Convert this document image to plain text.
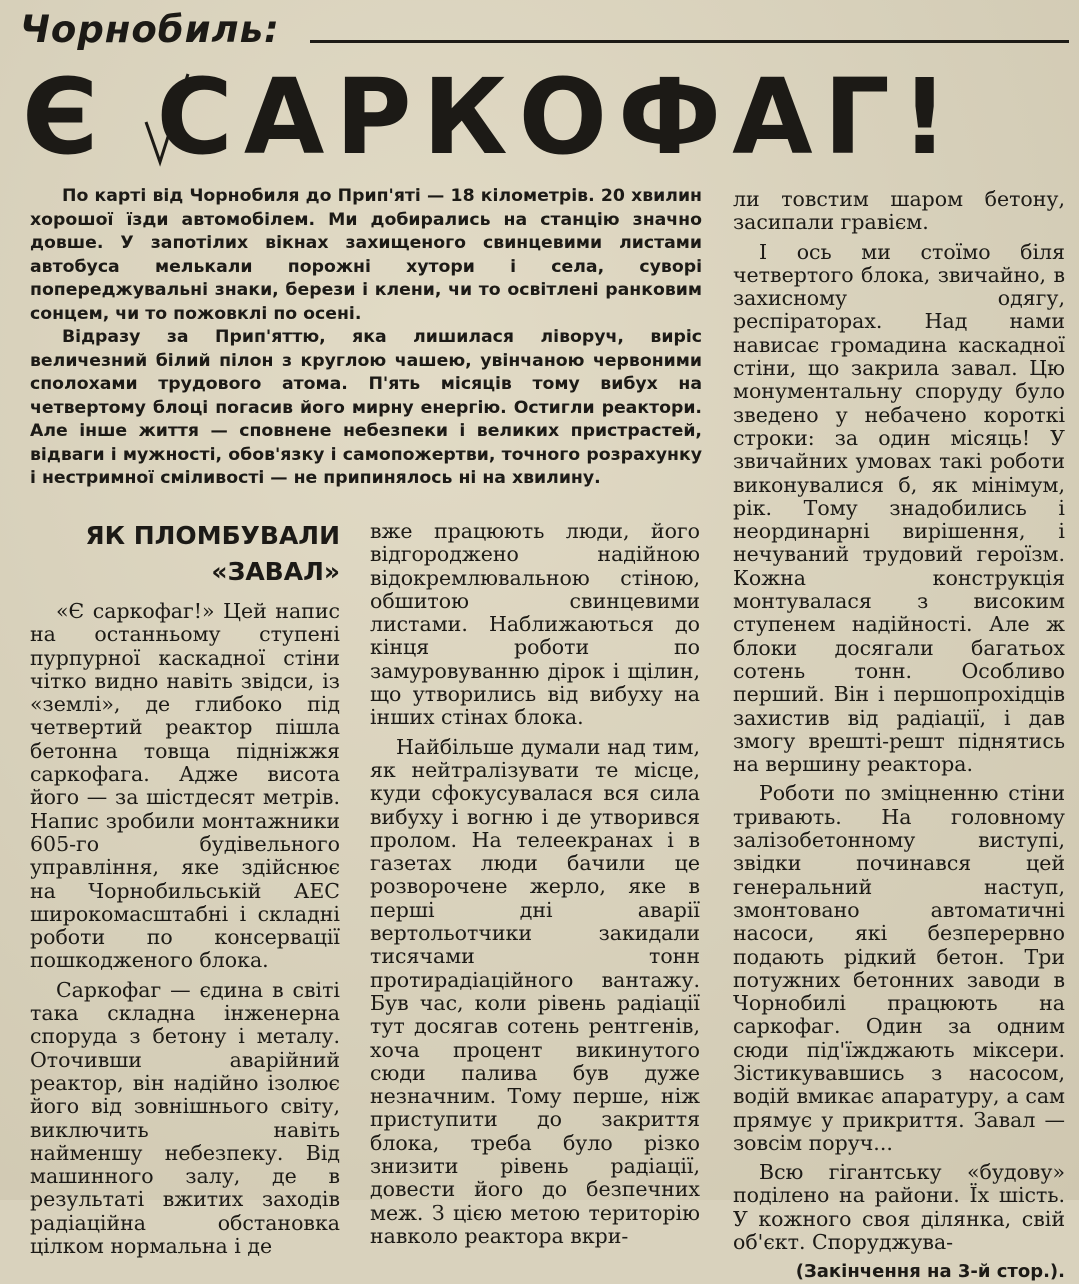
Чорнобиль:
Є САРКОФАГ!

По карті від Чорнобиля до Прип'яті — 18 кілометрів. 20 хвилин хорошої їзди автомобілем. Ми добирались на станцію значно довше. У запотілих вікнах захищеного свинцевими листами автобуса мелькали порожні хутори і села, суворі попереджувальні знаки, берези і клени, чи то освітлені ранковим сонцем, чи то пожовклі по осені.

Відразу за Прип'яттю, яка лишилася ліворуч, виріс величезний білий пілон з круглою чашею, увінчаною червоними сполохами трудового атома. П'ять місяців тому вибух на четвертому блоці погасив його мирну енергію. Остигли реактори. Але інше життя — сповнене небезпеки і великих пристрастей, відваги і мужності, обов'язку і самопожертви, точного розрахунку і нестримної сміливості — не припинялось ні на хвилину.

ЯК ПЛОМБУВАЛИ
«ЗАВАЛ»

«Є саркофаг!» Цей напис на останньому ступені пурпурної каскадної стіни чітко видно навіть звідси, із «землі», де глибоко під четвертий реактор пішла бетонна товща підніжжя саркофага. Адже висота його — за шістдесят метрів. Напис зробили монтажники 605-го будівельного управління, яке здійснює на Чорнобильській АЕС широкомасштабні і складні роботи по консервації пошкодженого блока.

Саркофаг — єдина в світі така складна інженерна споруда з бетону і металу. Оточивши аварійний реактор, він надійно ізолює його від зовнішнього світу, виключить навіть найменшу небезпеку. Від машинного залу, де в результаті вжитих заходів радіаційна обстановка цілком нормальна і де

вже працюють люди, його відгороджено надійною відокремлювальною стіною, обшитою свинцевими листами. Наближаються до кінця роботи по замуровуванню дірок і щілин, що утворились від вибуху на інших стінах блока.

Найбільше думали над тим, як нейтралізувати те місце, куди сфокусувалася вся сила вибуху і вогню і де утворився пролом. На телеекранах і в газетах люди бачили це розворочене жерло, яке в перші дні аварії вертольотчики закидали тисячами тонн протирадіаційного вантажу. Був час, коли рівень радіації тут досягав сотень рентгенів, хоча процент викинутого сюди палива був дуже незначним. Тому перше, ніж приступити до закриття блока, треба було різко знизити рівень радіації, довести його до безпечних меж. З цією метою територію навколо реактора вкри-

ли товстим шаром бетону, засипали гравієм.

І ось ми стоїмо біля четвертого блока, звичайно, в захисному одягу, респіраторах. Над нами нависає громадина каскадної стіни, що закрила завал. Цю монументальну споруду було зведено у небачено короткі строки: за один місяць! У звичайних умовах такі роботи виконувалися б, як мінімум, рік. Тому знадобились і неординарні вирішення, і нечуваний трудовий героїзм. Кожна конструкція монтувалася з високим ступенем надійності. Але ж блоки досягали багатьох сотень тонн. Особливо перший. Він і першопрохідців захистив від радіації, і дав змогу врешті-решт піднятись на вершину реактора.

Роботи по зміцненню стіни тривають. На головному залізобетонному виступі, звідки починався цей генеральний наступ, змонтовано автоматичні насоси, які безперервно подають рідкий бетон. Три потужних бетонних заводи в Чорнобилі працюють на саркофаг. Один за одним сюди під'їжджають міксери. Зістикувавшись з насосом, водій вмикає апаратуру, а сам прямує у прикриття. Завал — зовсім поруч...

Всю гігантську «будову» поділено на райони. Їх шість. У кожного своя ділянка, свій об'єкт. Споруджува-

(Закінчення на 3-й стор.).
